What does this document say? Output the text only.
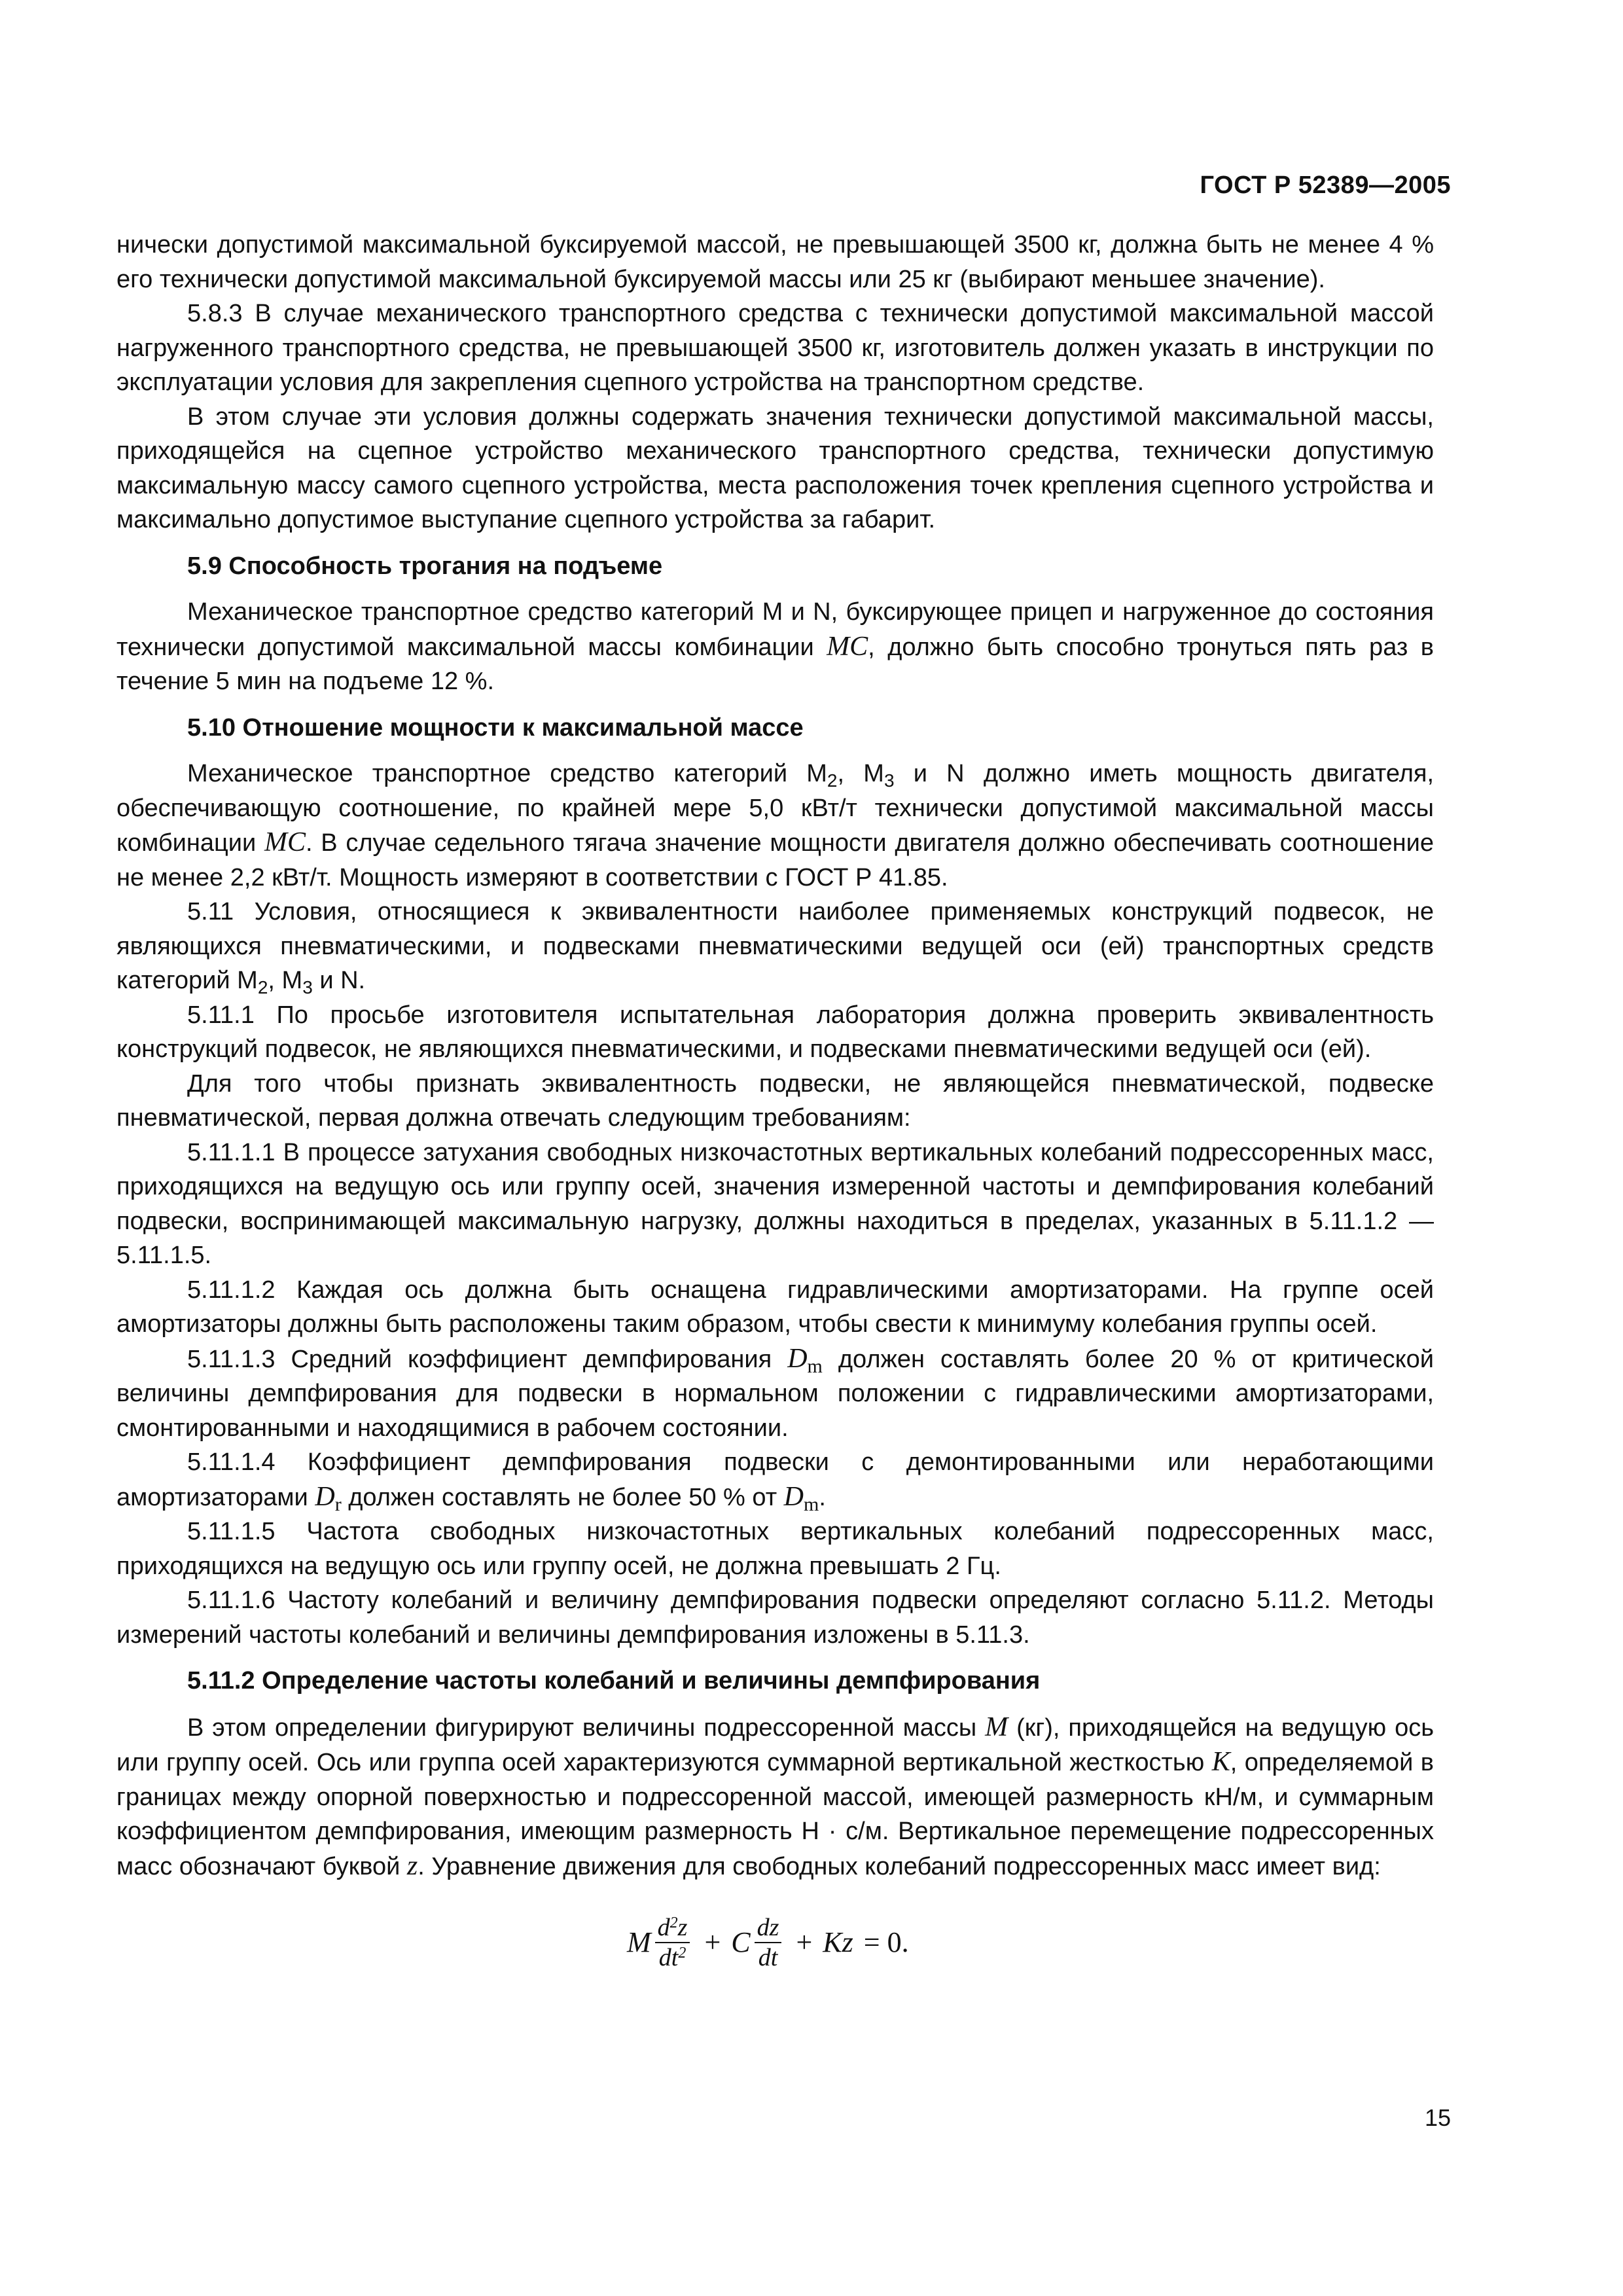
ГОСТ Р 52389—2005

нически допустимой максимальной буксируемой массой, не превышающей 3500 кг, должна быть не менее 4 % его технически допустимой максимальной буксируемой массы или 25 кг (выбирают меньшее значение).

5.8.3 В случае механического транспортного средства с технически допустимой максимальной массой нагруженного транспортного средства, не превышающей 3500 кг, изготовитель должен указать в инструкции по эксплуатации условия для закрепления сцепного устройства на транспортном средстве.

В этом случае эти условия должны содержать значения технически допустимой максимальной массы, приходящейся на сцепное устройство механического транспортного средства, технически допустимую максимальную массу самого сцепного устройства, места расположения точек крепления сцепного устройства и максимально допустимое выступание сцепного устройства за габарит.

5.9 Способность трогания на подъеме

Механическое транспортное средство категорий M и N, буксирующее прицеп и нагруженное до состояния технически допустимой максимальной массы комбинации MC, должно быть способно тронуться пять раз в течение 5 мин на подъеме 12 %.

5.10 Отношение мощности к максимальной массе

Механическое транспортное средство категорий $M_2$, $M_3$ и N должно иметь мощность двигателя, обеспечивающую соотношение, по крайней мере 5,0 кВт/т технически допустимой максимальной массы комбинации MC. В случае седельного тягача значение мощности двигателя должно обеспечивать соотношение не менее 2,2 кВт/т. Мощность измеряют в соответствии с ГОСТ Р 41.85.

5.11 Условия, относящиеся к эквивалентности наиболее применяемых конструкций подвесок, не являющихся пневматическими, и подвесками пневматическими ведущей оси (ей) транспортных средств категорий $M_2$, $M_3$ и N.

5.11.1 По просьбе изготовителя испытательная лаборатория должна проверить эквивалентность конструкций подвесок, не являющихся пневматическими, и подвесками пневматическими ведущей оси (ей).

Для того чтобы признать эквивалентность подвески, не являющейся пневматической, подвеске пневматической, первая должна отвечать следующим требованиям:

5.11.1.1 В процессе затухания свободных низкочастотных вертикальных колебаний подрессоренных масс, приходящихся на ведущую ось или группу осей, значения измеренной частоты и демпфирования колебаний подвески, воспринимающей максимальную нагрузку, должны находиться в пределах, указанных в 5.11.1.2 — 5.11.1.5.

5.11.1.2 Каждая ось должна быть оснащена гидравлическими амортизаторами. На группе осей амортизаторы должны быть расположены таким образом, чтобы свести к минимуму колебания группы осей.

5.11.1.3 Средний коэффициент демпфирования $D_m$ должен составлять более 20 % от критической величины демпфирования для подвески в нормальном положении с гидравлическими амортизаторами, смонтированными и находящимися в рабочем состоянии.

5.11.1.4 Коэффициент демпфирования подвески с демонтированными или неработающими амортизаторами $D_r$ должен составлять не более 50 % от $D_m$.

5.11.1.5 Частота свободных низкочастотных вертикальных колебаний подрессоренных масс, приходящихся на ведущую ось или группу осей, не должна превышать 2 Гц.

5.11.1.6 Частоту колебаний и величину демпфирования подвески определяют согласно 5.11.2. Методы измерений частоты колебаний и величины демпфирования изложены в 5.11.3.

5.11.2 Определение частоты колебаний и величины демпфирования

В этом определении фигурируют величины подрессоренной массы M (кг), приходящейся на ведущую ось или группу осей. Ось или группа осей характеризуются суммарной вертикальной жесткостью K, определяемой в границах между опорной поверхностью и подрессоренной массой, имеющей размерность кН/м, и суммарным коэффициентом демпфирования, имеющим размерность Н · с/м. Вертикальное перемещение подрессоренных масс обозначают буквой z. Уравнение движения для свободных колебаний подрессоренных масс имеет вид:

M $\frac{d^2z}{dt^2} + C \frac{dz}{dt} + Kz = 0$.
15
